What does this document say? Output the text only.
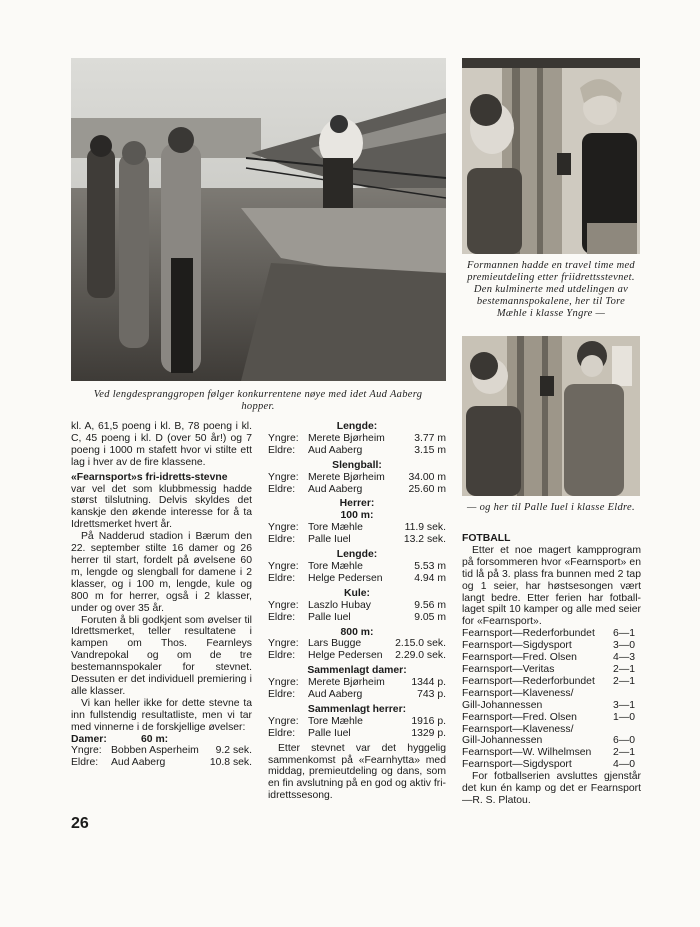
Ved lengdespranggropen følger konkurrentene nøye med idet Aud Aaberg hopper.
Formannen hadde en travel time med premieutdeling etter friidrettsstevnet. Den kulminerte med utdelingen av bestemannspokalene, her til Tore Mæhle i klasse Yngre —
— og her til Palle Iuel i klasse Eldre.

kl. A, 61,5 poeng i kl. B, 78 poeng i kl. C, 45 poeng i kl. D (over 50 år!) og 7 poeng i 1000 m stafett hvor vi stilte ett lag i hver av de fire klassene.

«Fearnsport»s fri-idretts-stevne

var vel det som klubbmessig hadde størst tilslutning. Delvis skyldes det kanskje den økende interesse for å ta Idrettsmerket hvert år.

På Nadderud stadion i Bærum den 22. september stilte 16 damer og 26 herrer til start, fordelt på øvelsene 60 m, lengde og slengball for damene i 2 klasser, og i 100 m, lengde, kule og 800 m for herrer, også i 2 klasser, under og over 35 år.

Foruten å bli godkjent som øvelser til Idrettsmerket, teller resultatene i kampen om Thos. Fearnleys Vandrepokal og om de tre bestemannspokaler for stevnet. Dessuten er det individuell premiering i alle klasser.

Vi kan heller ikke for dette stevne ta inn fullstendig resultatliste, men vi tar med vinnerne i de forskjellige øvelser:

Damer:	60 m:
Yngre: Bobben Asperheim	9.2 sek.
Eldre:	Aud Aaberg	10.8 sek.
Lengde:
Yngre: Merete Bjørheim	3.77 m
Eldre:	Aud Aaberg	3.15 m
Slengball:
Yngre: Merete Bjørheim	34.00 m
Eldre:	Aud Aaberg	25.60 m
Herrer:
100 m:
Yngre: Tore Mæhle	11.9 sek.
Eldre:	Palle Iuel	13.2 sek.
Lengde:
Yngre: Tore Mæhle	5.53 m
Eldre:	Helge Pedersen	4.94 m
Kule:
Yngre: Laszlo Hubay	9.56 m
Eldre:	Palle Iuel	9.05 m
800 m:
Yngre: Lars Bugge	2.15.0 sek.
Eldre:	Helge Pedersen	2.29.0 sek.
Sammenlagt damer:
Yngre: Merete Bjørheim	1344 p.
Eldre:	Aud Aaberg	743 p.
Sammenlagt herrer:
Yngre: Tore Mæhle	1916 p.
Eldre:	Palle Iuel	1329 p.

Etter stevnet var det hyggelig sammenkomst på «Fearnhytta» med middag, premieutdeling og dans, som en fin avslutning på en god og aktiv fri-idrettssesong.

FOTBALL

Etter et noe magert kampprogram på forsommeren hvor «Fearnsport» en tid lå på 3. plass fra bunnen med 2 tap og 1 seier, har høstsesongen vært langt bedre. Etter ferien har fotball-laget spilt 10 kamper og alle med seier for «Fearnsport».

Fearnsport—Rederforbundet	6—1
Fearnsport—Sigdysport	3—0
Fearnsport—Fred. Olsen	4—3
Fearnsport—Veritas	2—1
Fearnsport—Rederforbundet	2—1
Fearnsport—Klaveness/
Gill-Johannessen	3—1
Fearnsport—Fred. Olsen	1—0
Fearnsport—Klaveness/
Gill-Johannessen	6—0
Fearnsport—W. Wilhelmsen	2—1
Fearnsport—Sigdysport	4—0

For fotballserien avsluttes gjenstår det kun én kamp og det er Fearnsport—R. S. Platou.

26
